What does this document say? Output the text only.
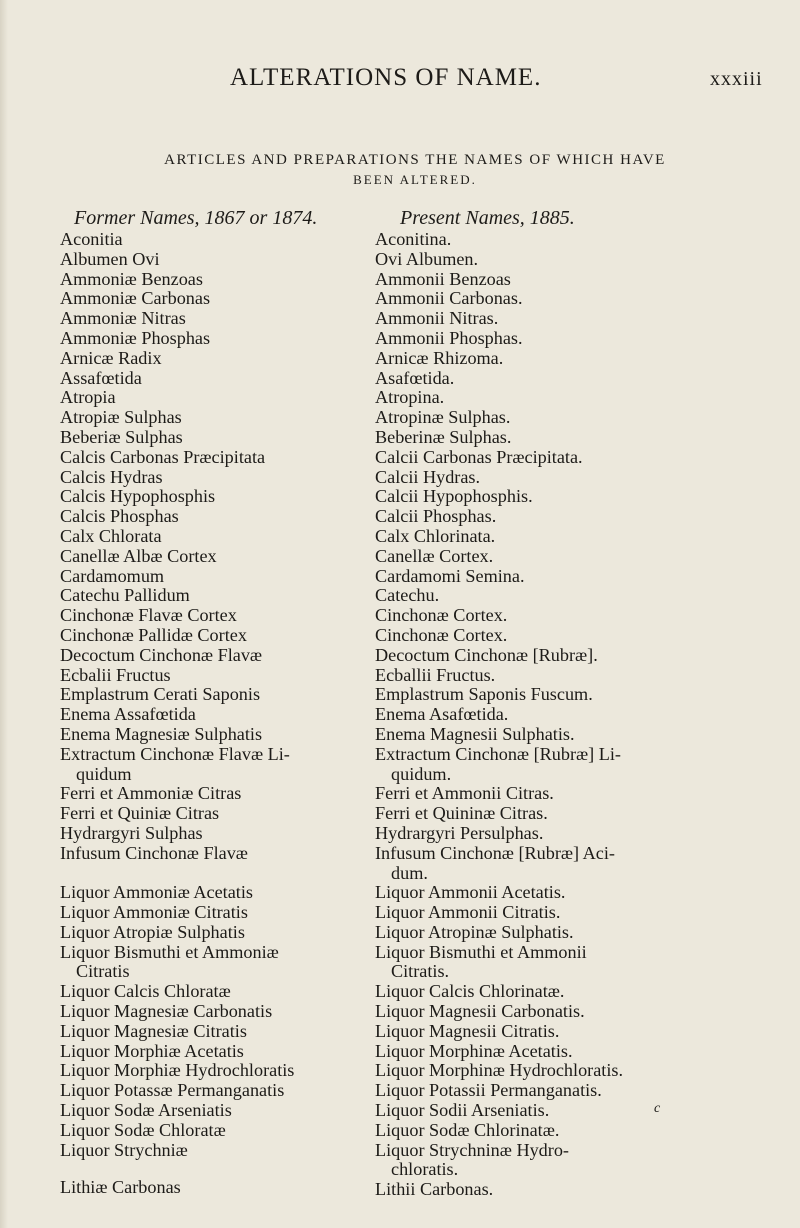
ALTERATIONS OF NAME.	xxxiii
ARTICLES AND PREPARATIONS THE NAMES OF WHICH HAVE
BEEN ALTERED.
Former Names, 1867 or 1874.
Aconitia
Albumen Ovi
Ammoniæ Benzoas
Ammoniæ Carbonas
Ammoniæ Nitras
Ammoniæ Phosphas
Arnicæ Radix
Assafœtida
Atropia
Atropiæ Sulphas
Beberiæ Sulphas
Calcis Carbonas Præcipitata
Calcis Hydras
Calcis Hypophosphis
Calcis Phosphas
Calx Chlorata
Canellæ Albæ Cortex
Cardamomum
Catechu Pallidum
Cinchonæ Flavæ Cortex
Cinchonæ Pallidæ Cortex
Decoctum Cinchonæ Flavæ
Ecbalii Fructus
Emplastrum Cerati Saponis
Enema Assafœtida
Enema Magnesiæ Sulphatis
Extractum Cinchonæ Flavæ Li-
quidum
Ferri et Ammoniæ Citras
Ferri et Quiniæ Citras
Hydrargyri Sulphas
Infusum Cinchonæ Flavæ
Liquor Ammoniæ Acetatis
Liquor Ammoniæ Citratis
Liquor Atropiæ Sulphatis
Liquor Bismuthi et Ammoniæ
Citratis
Liquor Calcis Chloratæ
Liquor Magnesiæ Carbonatis
Liquor Magnesiæ Citratis
Liquor Morphiæ Acetatis
Liquor Morphiæ Hydrochloratis
Liquor Potassæ Permanganatis
Liquor Sodæ Arseniatis
Liquor Sodæ Chloratæ
Liquor Strychniæ
Lithiæ Carbonas
Present Names, 1885.
Aconitina.
Ovi Albumen.
Ammonii Benzoas
Ammonii Carbonas.
Ammonii Nitras.
Ammonii Phosphas.
Arnicæ Rhizoma.
Asafœtida.
Atropina.
Atropinæ Sulphas.
Beberinæ Sulphas.
Calcii Carbonas Præcipitata.
Calcii Hydras.
Calcii Hypophosphis.
Calcii Phosphas.
Calx Chlorinata.
Canellæ Cortex.
Cardamomi Semina.
Catechu.
Cinchonæ Cortex.
Cinchonæ Cortex.
Decoctum Cinchonæ [Rubræ].
Ecballii Fructus.
Emplastrum Saponis Fuscum.
Enema Asafœtida.
Enema Magnesii Sulphatis.
Extractum Cinchonæ [Rubræ] Li-
quidum.
Ferri et Ammonii Citras.
Ferri et Quininæ Citras.
Hydrargyri Persulphas.
Infusum Cinchonæ [Rubræ] Aci-
dum.
Liquor Ammonii Acetatis.
Liquor Ammonii Citratis.
Liquor Atropinæ Sulphatis.
Liquor Bismuthi et Ammonii
Citratis.
Liquor Calcis Chlorinatæ.
Liquor Magnesii Carbonatis.
Liquor Magnesii Citratis.
Liquor Morphinæ Acetatis.
Liquor Morphinæ Hydrochloratis.
Liquor Potassii Permanganatis.
Liquor Sodii Arseniatis.
Liquor Sodæ Chlorinatæ.
Liquor Strychninæ Hydro-
chloratis.
Lithii Carbonas.
c
